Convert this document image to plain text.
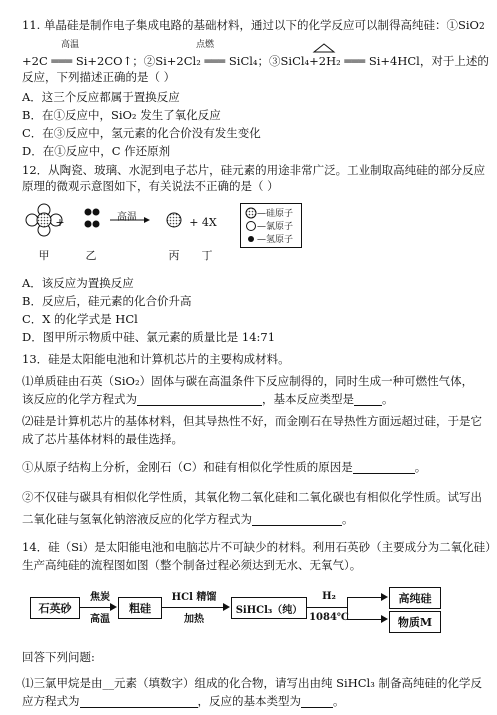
11. 单晶硅是制作电子集成电路的基础材料，通过以下的化学反应可以制得高纯硅：①SiO2
高温	点燃
+2C ═══ Si+2CO↑；②Si+2Cl₂ ═══ SiCl₄；③SiCl₄+2H₂ ═══ Si+4HCl，对于上述的
反应，下列描述正确的是（ ）
A．这三个反应都属于置换反应
B．在①反应中，SiO₂ 发生了氧化反应
C．在③反应中，氢元素的化合价没有发生变化
D．在①反应中，C 作还原剂
12．从陶瓷、玻璃、水泥到电子芯片，硅元素的用途非常广泛。工业制取高纯硅的部分反应
原理的微观示意图如下，有关说法不正确的是（ ）
+	高温	+ 4X
甲	乙	丙 丁
—硅原子
—氯原子
—氢原子
A．该反应为置换反应
B．反应后，硅元素的化合价升高
C．X 的化学式是 HCl
D．图甲所示物质中硅、氯元素的质量比是 14:71
13．硅是太阳能电池和计算机芯片的主要构成材料。
⑴单质硅由石英（SiO₂）固体与碳在高温条件下反应制得的，同时生成一种可燃性气体，
该反应的化学方程式为	，基本反应类型是 。
⑵硅是计算机芯片的基体材料，但其导热性不好，而金刚石在导热性方面远超过硅，于是它
成了芯片基体材料的最佳选择。
①从原子结构上分析，金刚石（C）和硅有相似化学性质的原因是	。
②不仅硅与碳具有相似化学性质，其氧化物二氧化硅和二氧化碳也有相似化学性质。试写出
二氧化硅与氢氧化钠溶液反应的化学方程式为	。
14．硅（Si）是太阳能电池和电脑芯片不可缺少的材料。利用石英砂（主要成分为二氧化硅）
生产高纯硅的流程图如图（整个制备过程必须达到无水、无氧气）。
石英砂
焦炭
高温
粗硅
HCl 精馏
加热
SiHCl₃（纯）
H₂
1084℃
高纯硅
物质M
回答下列问题:
⑴三氯甲烷是由__元素（填数字）组成的化合物，请写出由纯 SiHCl₃ 制备高纯硅的化学反
应方程式为	，反应的基本类型为	。
